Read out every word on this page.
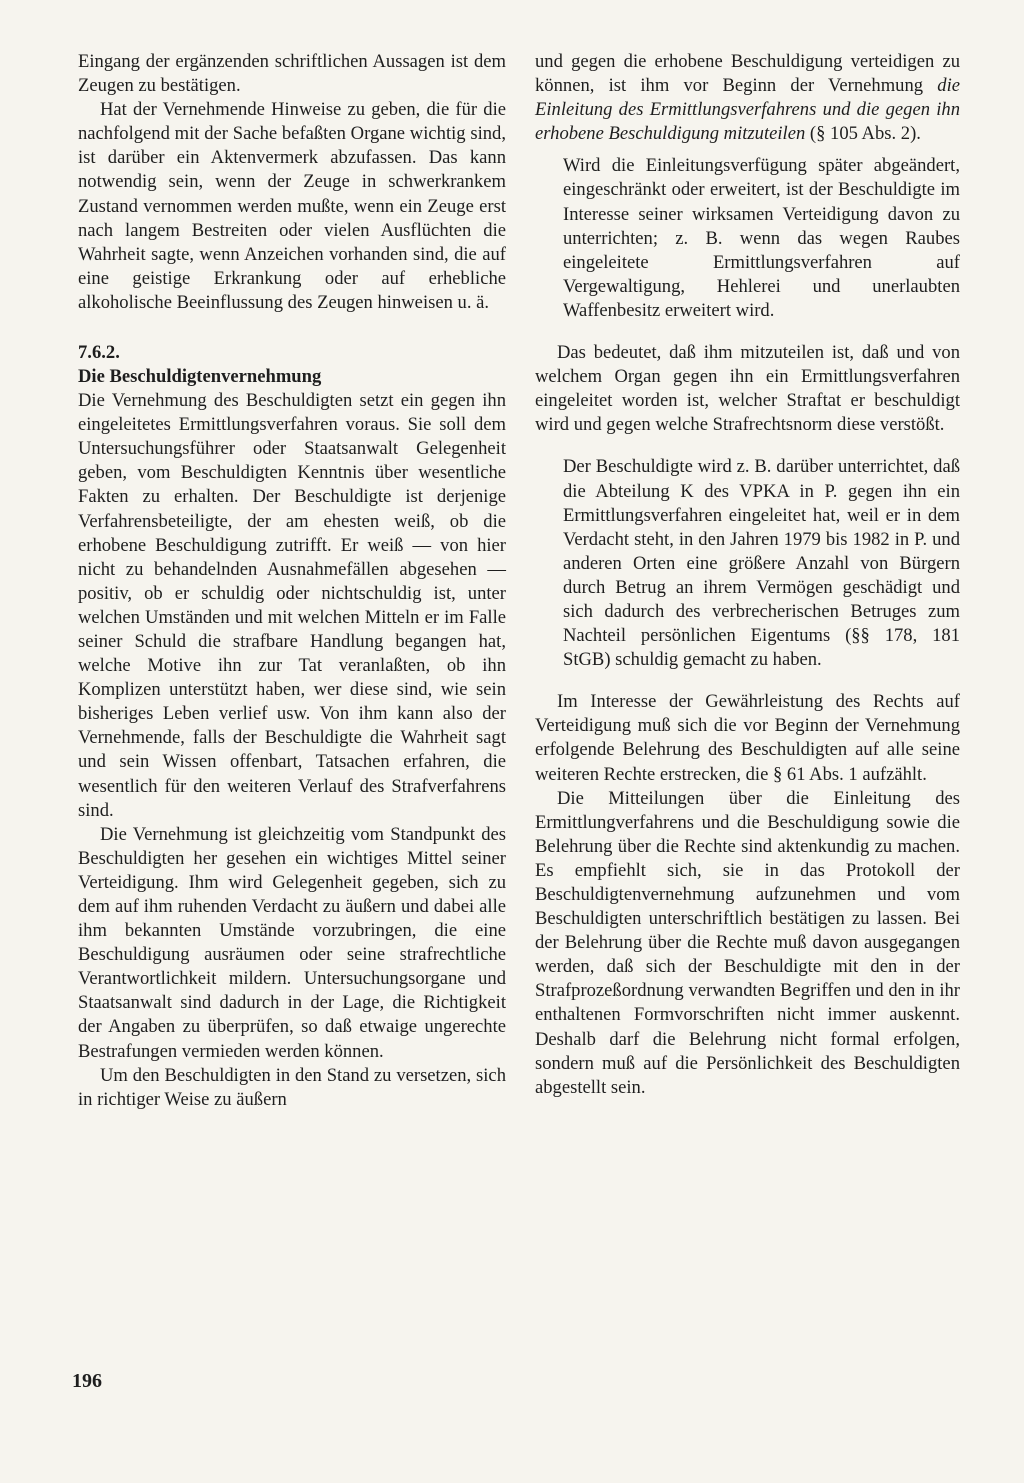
Eingang der ergänzenden schriftlichen Aussagen ist dem Zeugen zu bestätigen.

Hat der Vernehmende Hinweise zu geben, die für die nachfolgend mit der Sache befaßten Organe wichtig sind, ist darüber ein Aktenvermerk abzufassen. Das kann notwendig sein, wenn der Zeuge in schwerkrankem Zustand vernommen werden mußte, wenn ein Zeuge erst nach langem Bestreiten oder vielen Ausflüchten die Wahrheit sagte, wenn Anzeichen vorhanden sind, die auf eine geistige Erkrankung oder auf erhebliche alkoholische Beeinflussung des Zeugen hinweisen u. ä.

7.6.2.
Die Beschuldigtenvernehmung

Die Vernehmung des Beschuldigten setzt ein gegen ihn eingeleitetes Ermittlungsverfahren voraus. Sie soll dem Untersuchungsführer oder Staatsanwalt Gelegenheit geben, vom Beschuldigten Kenntnis über wesentliche Fakten zu erhalten. Der Beschuldigte ist derjenige Verfahrensbeteiligte, der am ehesten weiß, ob die erhobene Beschuldigung zutrifft. Er weiß — von hier nicht zu behandelnden Ausnahmefällen abgesehen — positiv, ob er schuldig oder nichtschuldig ist, unter welchen Umständen und mit welchen Mitteln er im Falle seiner Schuld die strafbare Handlung begangen hat, welche Motive ihn zur Tat veranlaßten, ob ihn Komplizen unterstützt haben, wer diese sind, wie sein bisheriges Leben verlief usw. Von ihm kann also der Vernehmende, falls der Beschuldigte die Wahrheit sagt und sein Wissen offenbart, Tatsachen erfahren, die wesentlich für den weiteren Verlauf des Strafverfahrens sind.

Die Vernehmung ist gleichzeitig vom Standpunkt des Beschuldigten her gesehen ein wichtiges Mittel seiner Verteidigung. Ihm wird Gelegenheit gegeben, sich zu dem auf ihm ruhenden Verdacht zu äußern und dabei alle ihm bekannten Umstände vorzubringen, die eine Beschuldigung ausräumen oder seine strafrechtliche Verantwortlichkeit mildern. Untersuchungsorgane und Staatsanwalt sind dadurch in der Lage, die Richtigkeit der Angaben zu überprüfen, so daß etwaige ungerechte Bestrafungen vermieden werden können.

Um den Beschuldigten in den Stand zu versetzen, sich in richtiger Weise zu äußern

und gegen die erhobene Beschuldigung verteidigen zu können, ist ihm vor Beginn der Vernehmung die Einleitung des Ermittlungsverfahrens und die gegen ihn erhobene Beschuldigung mitzuteilen (§ 105 Abs. 2).

Wird die Einleitungsverfügung später abgeändert, eingeschränkt oder erweitert, ist der Beschuldigte im Interesse seiner wirksamen Verteidigung davon zu unterrichten; z. B. wenn das wegen Raubes eingeleitete Ermittlungsverfahren auf Vergewaltigung, Hehlerei und unerlaubten Waffenbesitz erweitert wird.

Das bedeutet, daß ihm mitzuteilen ist, daß und von welchem Organ gegen ihn ein Ermittlungsverfahren eingeleitet worden ist, welcher Straftat er beschuldigt wird und gegen welche Strafrechtsnorm diese verstößt.

Der Beschuldigte wird z. B. darüber unterrichtet, daß die Abteilung K des VPKA in P. gegen ihn ein Ermittlungsverfahren eingeleitet hat, weil er in dem Verdacht steht, in den Jahren 1979 bis 1982 in P. und anderen Orten eine größere Anzahl von Bürgern durch Betrug an ihrem Vermögen geschädigt und sich dadurch des verbrecherischen Betruges zum Nachteil persönlichen Eigentums (§§ 178, 181 StGB) schuldig gemacht zu haben.

Im Interesse der Gewährleistung des Rechts auf Verteidigung muß sich die vor Beginn der Vernehmung erfolgende Belehrung des Beschuldigten auf alle seine weiteren Rechte erstrecken, die § 61 Abs. 1 aufzählt.

Die Mitteilungen über die Einleitung des Ermittlungverfahrens und die Beschuldigung sowie die Belehrung über die Rechte sind aktenkundig zu machen. Es empfiehlt sich, sie in das Protokoll der Beschuldigtenvernehmung aufzunehmen und vom Beschuldigten unterschriftlich bestätigen zu lassen. Bei der Belehrung über die Rechte muß davon ausgegangen werden, daß sich der Beschuldigte mit den in der Strafprozeßordnung verwandten Begriffen und den in ihr enthaltenen Formvorschriften nicht immer auskennt. Deshalb darf die Belehrung nicht formal erfolgen, sondern muß auf die Persönlichkeit des Beschuldigten abgestellt sein.

196
